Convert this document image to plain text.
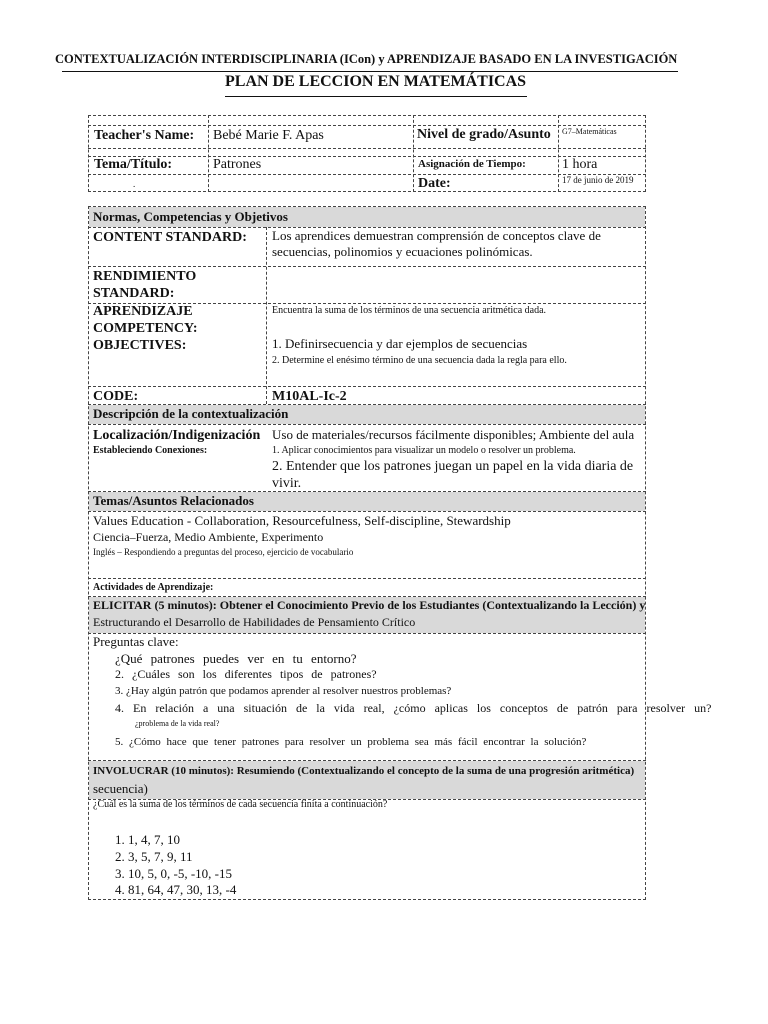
CONTEXTUALIZACIÓN INTERDISCIPLINARIA (ICon) y APRENDIZAJE BASADO EN LA INVESTIGACIÓN
PLAN DE LECCION EN MATEMÁTICAS
Teacher's Name: Bebé Marie F. Apas	Nivel de grado/Asunto G7–Matemáticas
Tema/Título:	Patrones	Asignación de Tiempo:	1 hora
.	Date:	17 de junio de 2019
Normas, Competencias y Objetivos
CONTENT STANDARD: Los aprendices demuestran comprensión de conceptos clave de
secuencias, polinomios y ecuaciones polinómicas.
RENDIMIENTO
STANDARD:
APRENDIZAJE
COMPETENCY:
Encuentra la suma de los términos de una secuencia aritmética dada.
OBJECTIVES:	1. Definirsecuencia y dar ejemplos de secuencias
2. Determine el enésimo término de una secuencia dada la regla para ello.
CODE:	M10AL-Ic-2
Descripción de la contextualización
Localización/Indigenización Uso de materiales/recursos fácilmente disponibles; Ambiente del aula
Estableciendo Conexiones:	1. Aplicar conocimientos para visualizar un modelo o resolver un problema.
2. Entender que los patrones juegan un papel en la vida diaria de
vivir.
Temas/Asuntos Relacionados
Values Education - Collaboration, Resourcefulness, Self-discipline, Stewardship
Ciencia–Fuerza, Medio Ambiente, Experimento
Inglés – Respondiendo a preguntas del proceso, ejercicio de vocabulario
Actividades de Aprendizaje:
ELICITAR (5 minutos): Obtener el Conocimiento Previo de los Estudiantes (Contextualizando la Lección) y
Estructurando el Desarrollo de Habilidades de Pensamiento Crítico
Preguntas clave:
¿Qué patrones puedes ver en tu entorno?
2. ¿Cuáles son los diferentes tipos de patrones?
3. ¿Hay algún patrón que podamos aprender al resolver nuestros problemas?
4. En relación a una situación de la vida real, ¿cómo aplicas los conceptos de patrón para resolver un?
¿problema de la vida real?
5. ¿Cómo hace que tener patrones para resolver un problema sea más fácil encontrar la solución?
INVOLUCRAR (10 minutos): Resumiendo (Contextualizando el concepto de la suma de una progresión aritmética)
secuencia)
¿Cuál es la suma de los términos de cada secuencia finita a continuación?
1. 1, 4, 7, 10
2. 3, 5, 7, 9, 11
3. 10, 5, 0, -5, -10, -15
4. 81, 64, 47, 30, 13, -4
